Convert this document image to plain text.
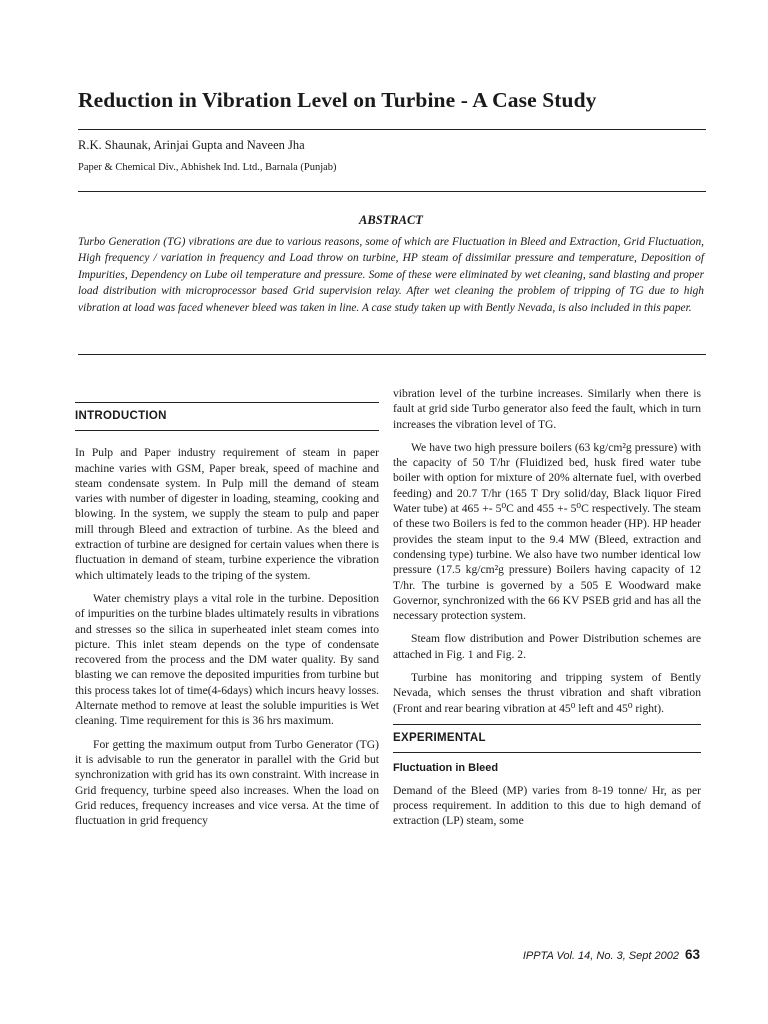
Reduction in Vibration Level on Turbine - A Case Study

R.K. Shaunak, Arinjai Gupta and Naveen Jha

Paper & Chemical Div., Abhishek Ind. Ltd., Barnala (Punjab)

ABSTRACT

Turbo Generation (TG) vibrations are due to various reasons, some of which are Fluctuation in Bleed and Extraction, Grid Fluctuation, High frequency / variation in frequency and Load throw on turbine, HP steam of dissimilar pressure and temperature, Deposition of Impurities, Dependency on Lube oil temperature and pressure. Some of these were eliminated by wet cleaning, sand blasting and proper load distribution with microprocessor based Grid supervision relay. After wet cleaning the problem of tripping of TG due to high vibration at load was faced whenever bleed was taken in line. A case study taken up with Bently Nevada, is also included in this paper.

INTRODUCTION

In Pulp and Paper industry requirement of steam in paper machine varies with GSM, Paper break, speed of machine and steam condensate system. In Pulp mill the demand of steam varies with number of digester in loading, steaming, cooking and blowing. In the system, we supply the steam to pulp and paper mill through Bleed and extraction of turbine. As the bleed and extraction of turbine are designed for certain values when there is fluctuation in demand of steam, turbine experience the vibration which ultimately leads to the triping of the system.

Water chemistry plays a vital role in the turbine. Deposition of impurities on the turbine blades ultimately results in vibrations and stresses so the silica in superheated inlet steam comes into picture. This inlet steam depends on the type of condensate recovered from the process and the DM water quality. By sand blasting we can remove the deposited impurities from turbine but this process takes lot of time(4-6days) which incurs heavy losses. Alternate method to remove at least the soluble impurities is Wet cleaning. Time requirement for this is 36 hrs maximum.

For getting the maximum output from Turbo Generator (TG) it is advisable to run the generator in parallel with the Grid but synchronization with grid has its own constraint. With increase in Grid frequency, turbine speed also increases. When the load on Grid reduces, frequency increases and vice versa. At the time of fluctuation in grid frequency

vibration level of the turbine increases. Similarly when there is fault at grid side Turbo generator also feed the fault, which in turn increases the vibration level of TG.

We have two high pressure boilers (63 kg/cm²g pressure) with the capacity of 50 T/hr (Fluidized bed, husk fired water tube boiler with option for mixture of 20% alternate fuel, with overbed feeding) and 20.7 T/hr (165 T Dry solid/day, Black liquor Fired Water tube) at 465 +- 5⁰C and 455 +- 5⁰C respectively. The steam of these two Boilers is fed to the common header (HP). HP header provides the steam input to the 9.4 MW (Bleed, extraction and condensing type) turbine. We also have two number identical low pressure (17.5 kg/cm²g pressure) Boilers having capacity of 12 T/hr. The turbine is governed by a 505 E Woodward make Governor, synchronized with the 66 KV PSEB grid and has all the necessary protection system.

Steam flow distribution and Power Distribution schemes are attached in Fig. 1 and Fig. 2.

Turbine has monitoring and tripping system of Bently Nevada, which senses the thrust vibration and shaft vibration (Front and rear bearing vibration at 45⁰ left and 45⁰ right).

EXPERIMENTAL
Fluctuation in Bleed

Demand of the Bleed (MP) varies from 8-19 tonne/ Hr, as per process requirement. In addition to this due to high demand of extraction (LP) steam, some

IPPTA Vol. 14, No. 3, Sept 2002 63
